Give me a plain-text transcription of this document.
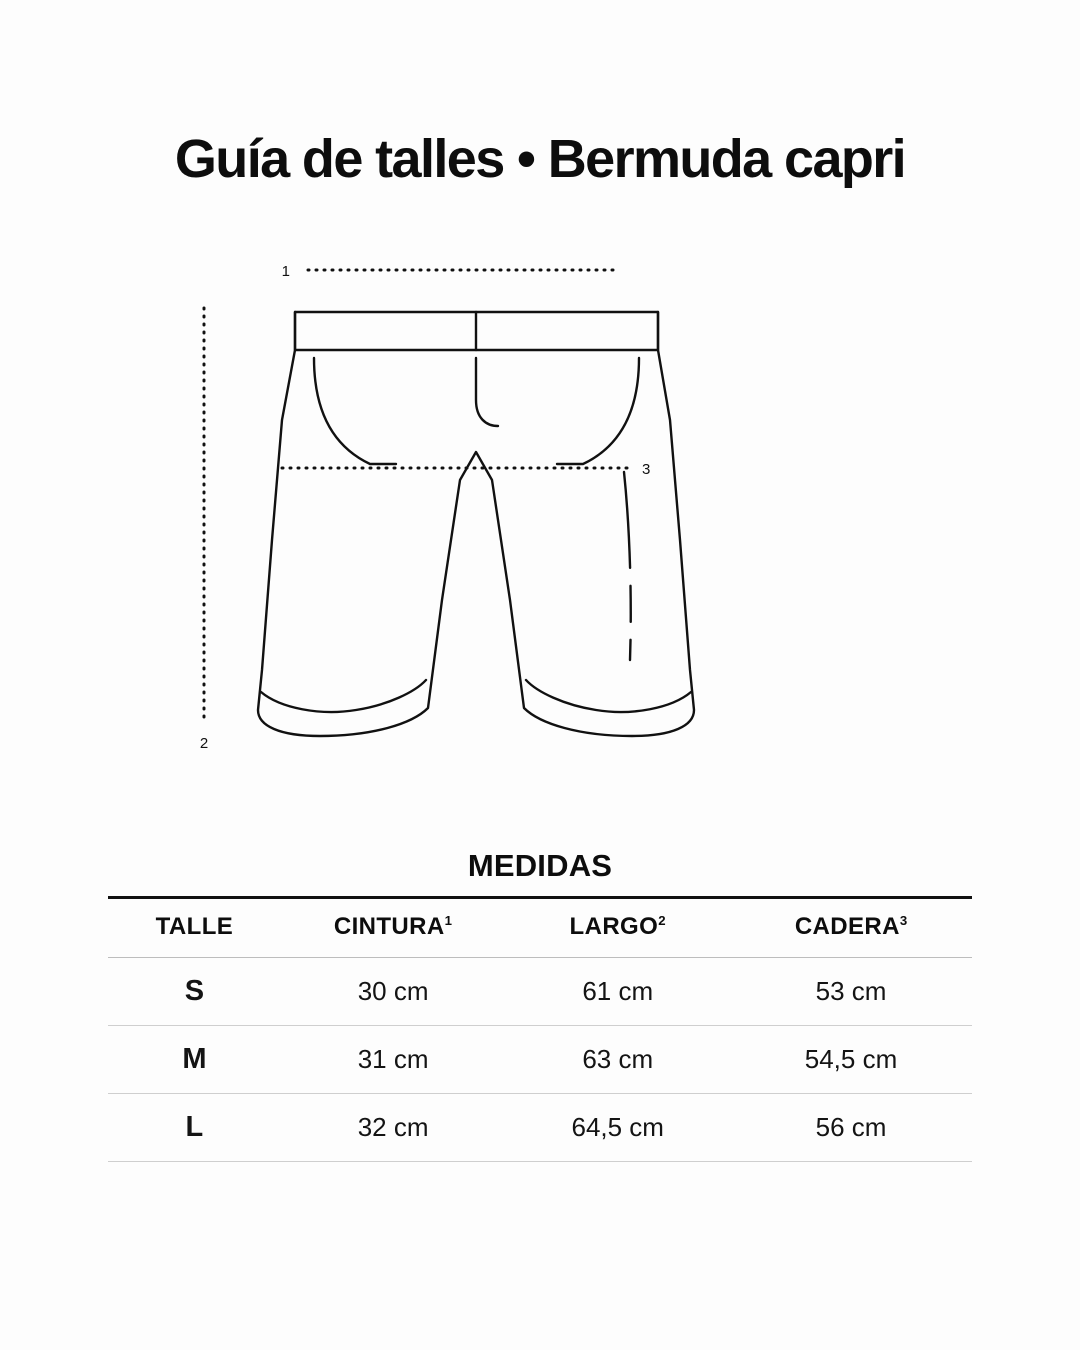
Guía de talles • Bermuda capri
1
3
2
MEDIDAS
TALLE	CINTURA$^1$	LARGO$^2$	CADERA$^3$
S	30 cm	61 cm	53 cm
M	31 cm	63 cm	54,5 cm
L	32 cm	64,5 cm	56 cm
